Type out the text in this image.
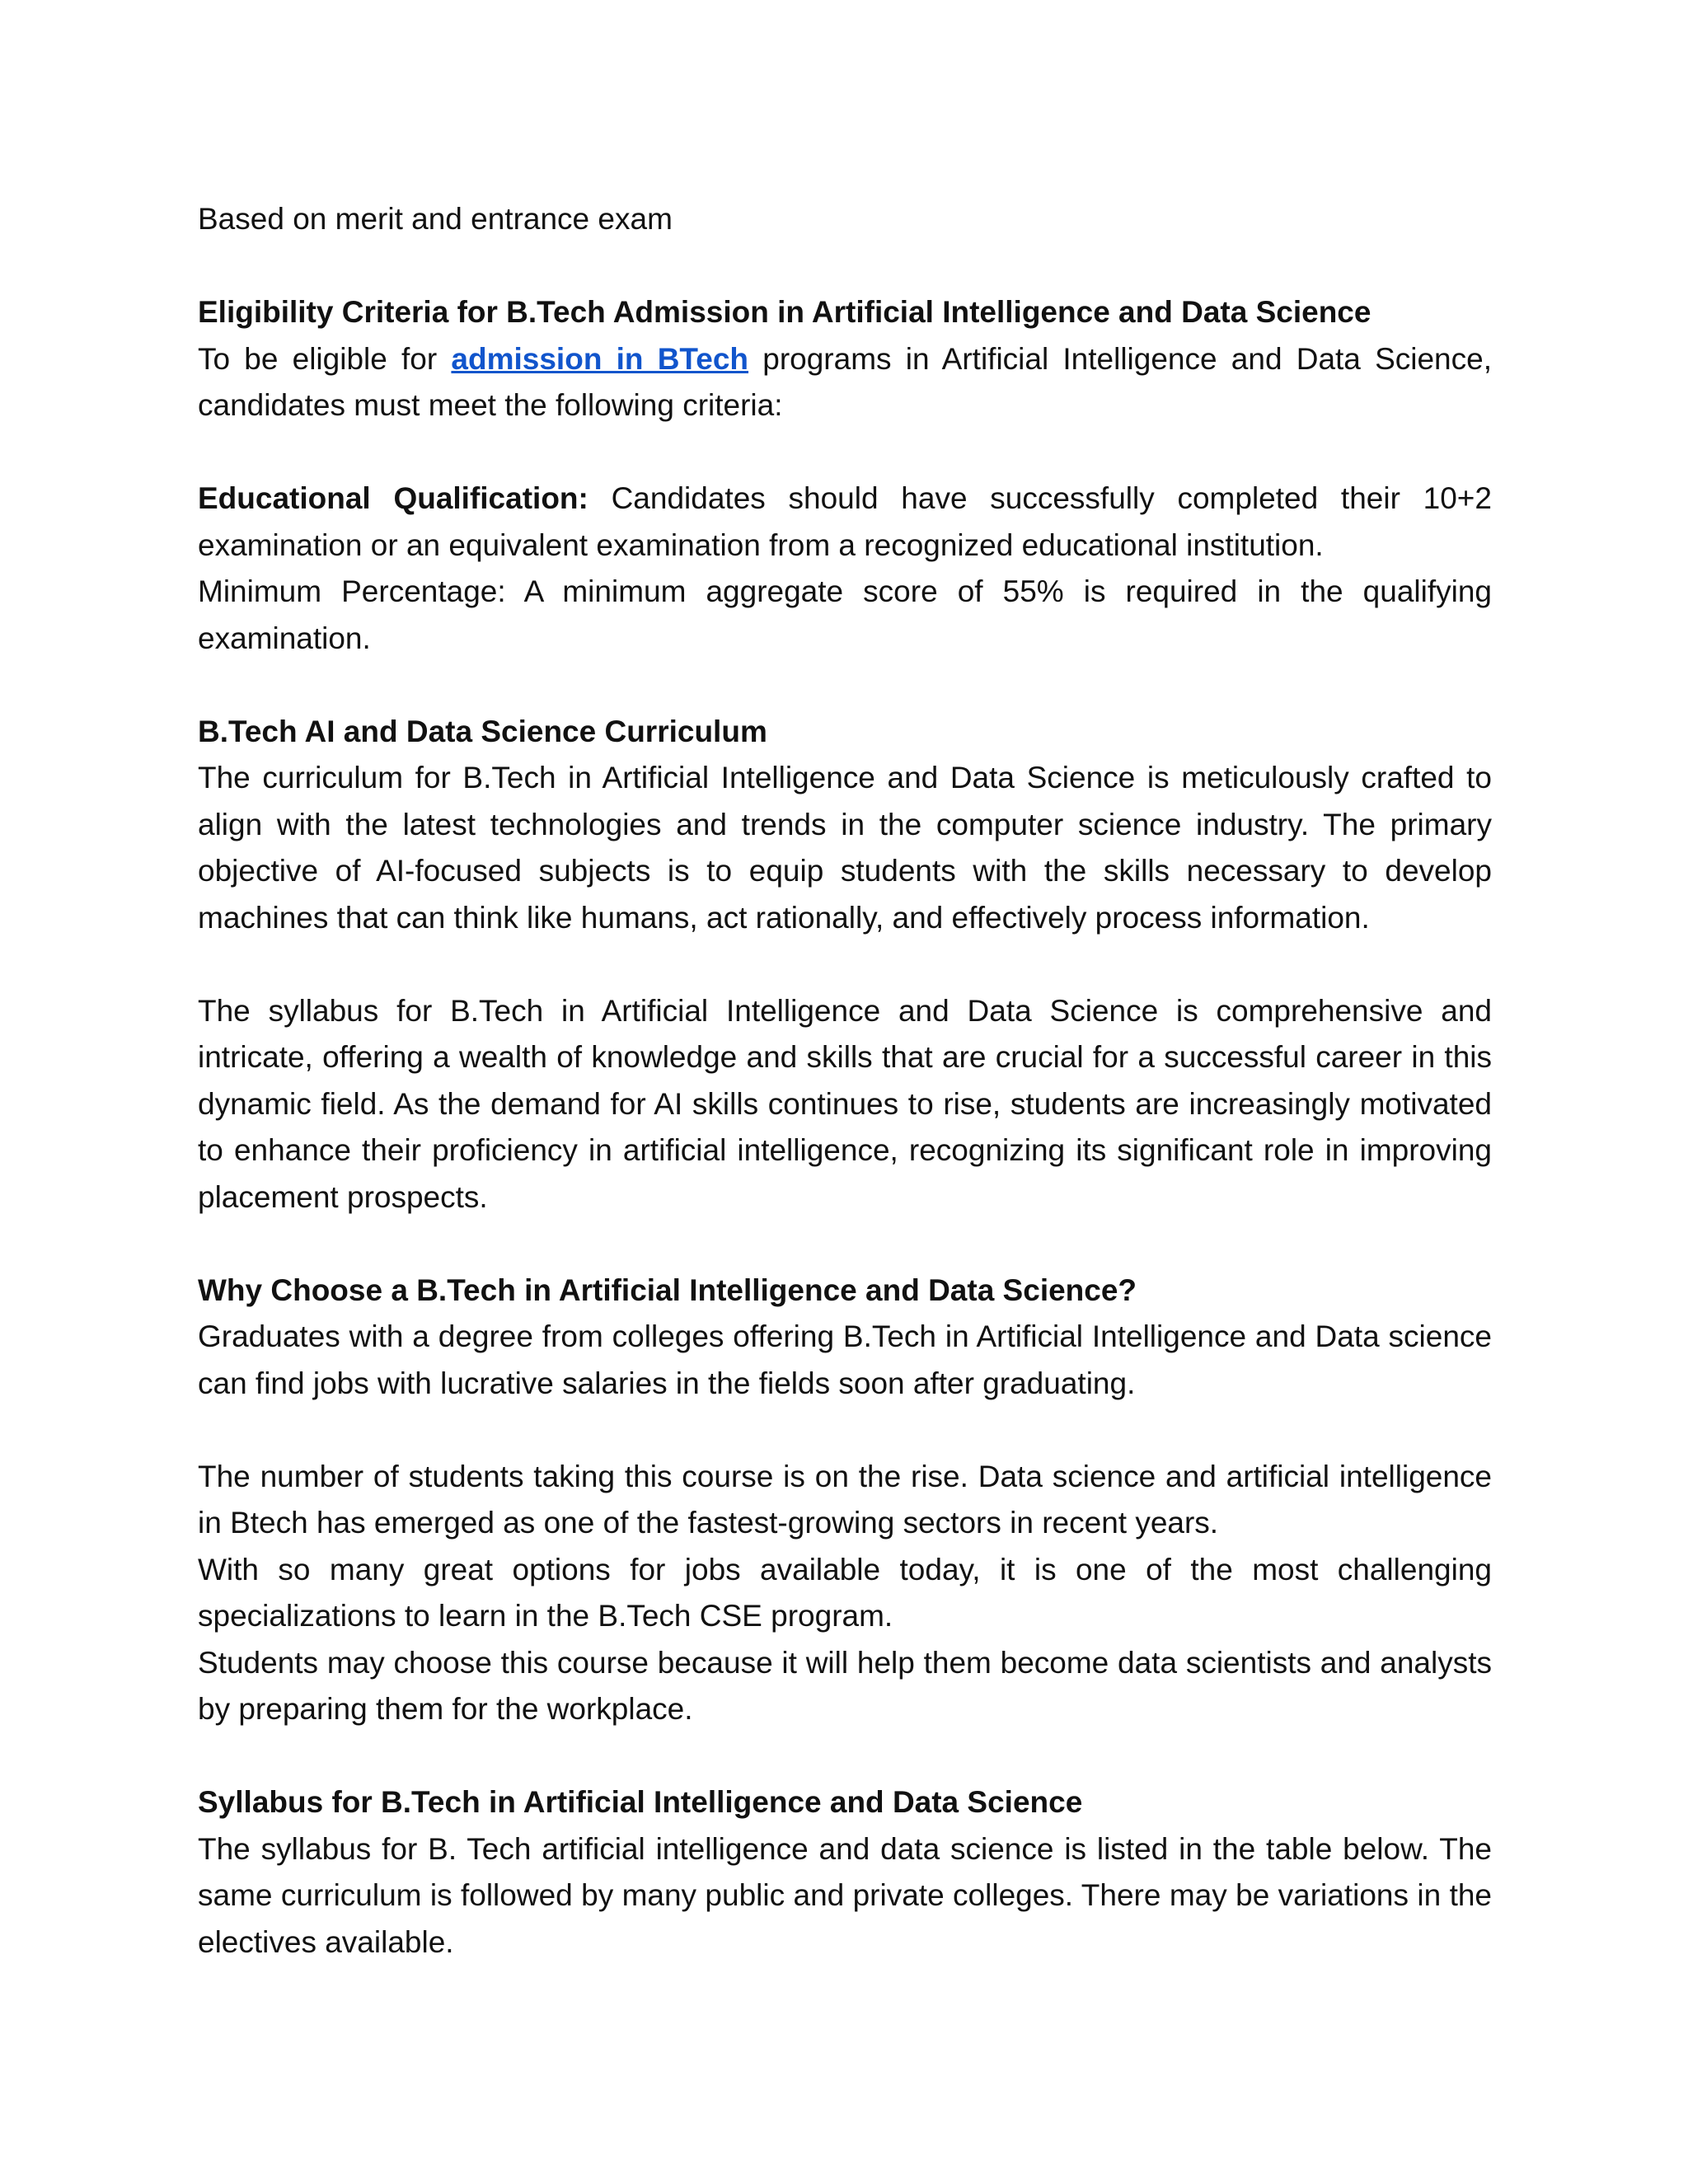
Based on merit and entrance exam

Eligibility Criteria for B.Tech Admission in Artificial Intelligence and Data Science

To be eligible for admission in BTech programs in Artificial Intelligence and Data Science, candidates must meet the following criteria:

Educational Qualification: Candidates should have successfully completed their 10+2 examination or an equivalent examination from a recognized educational institution.

Minimum Percentage: A minimum aggregate score of 55% is required in the qualifying examination.

B.Tech AI and Data Science Curriculum

The curriculum for B.Tech in Artificial Intelligence and Data Science is meticulously crafted to align with the latest technologies and trends in the computer science industry. The primary objective of AI-focused subjects is to equip students with the skills necessary to develop machines that can think like humans, act rationally, and effectively process information.

The syllabus for B.Tech in Artificial Intelligence and Data Science is comprehensive and intricate, offering a wealth of knowledge and skills that are crucial for a successful career in this dynamic field. As the demand for AI skills continues to rise, students are increasingly motivated to enhance their proficiency in artificial intelligence, recognizing its significant role in improving placement prospects.

Why Choose a B.Tech in Artificial Intelligence and Data Science?

Graduates with a degree from colleges offering B.Tech in Artificial Intelligence and Data science can find jobs with lucrative salaries in the fields soon after graduating.

The number of students taking this course is on the rise. Data science and artificial intelligence in Btech has emerged as one of the fastest-growing sectors in recent years.

With so many great options for jobs available today, it is one of the most challenging specializations to learn in the B.Tech CSE program.

Students may choose this course because it will help them become data scientists and analysts by preparing them for the workplace.

Syllabus for B.Tech in Artificial Intelligence and Data Science

The syllabus for B. Tech artificial intelligence and data science is listed in the table below. The same curriculum is followed by many public and private colleges. There may be variations in the electives available.
